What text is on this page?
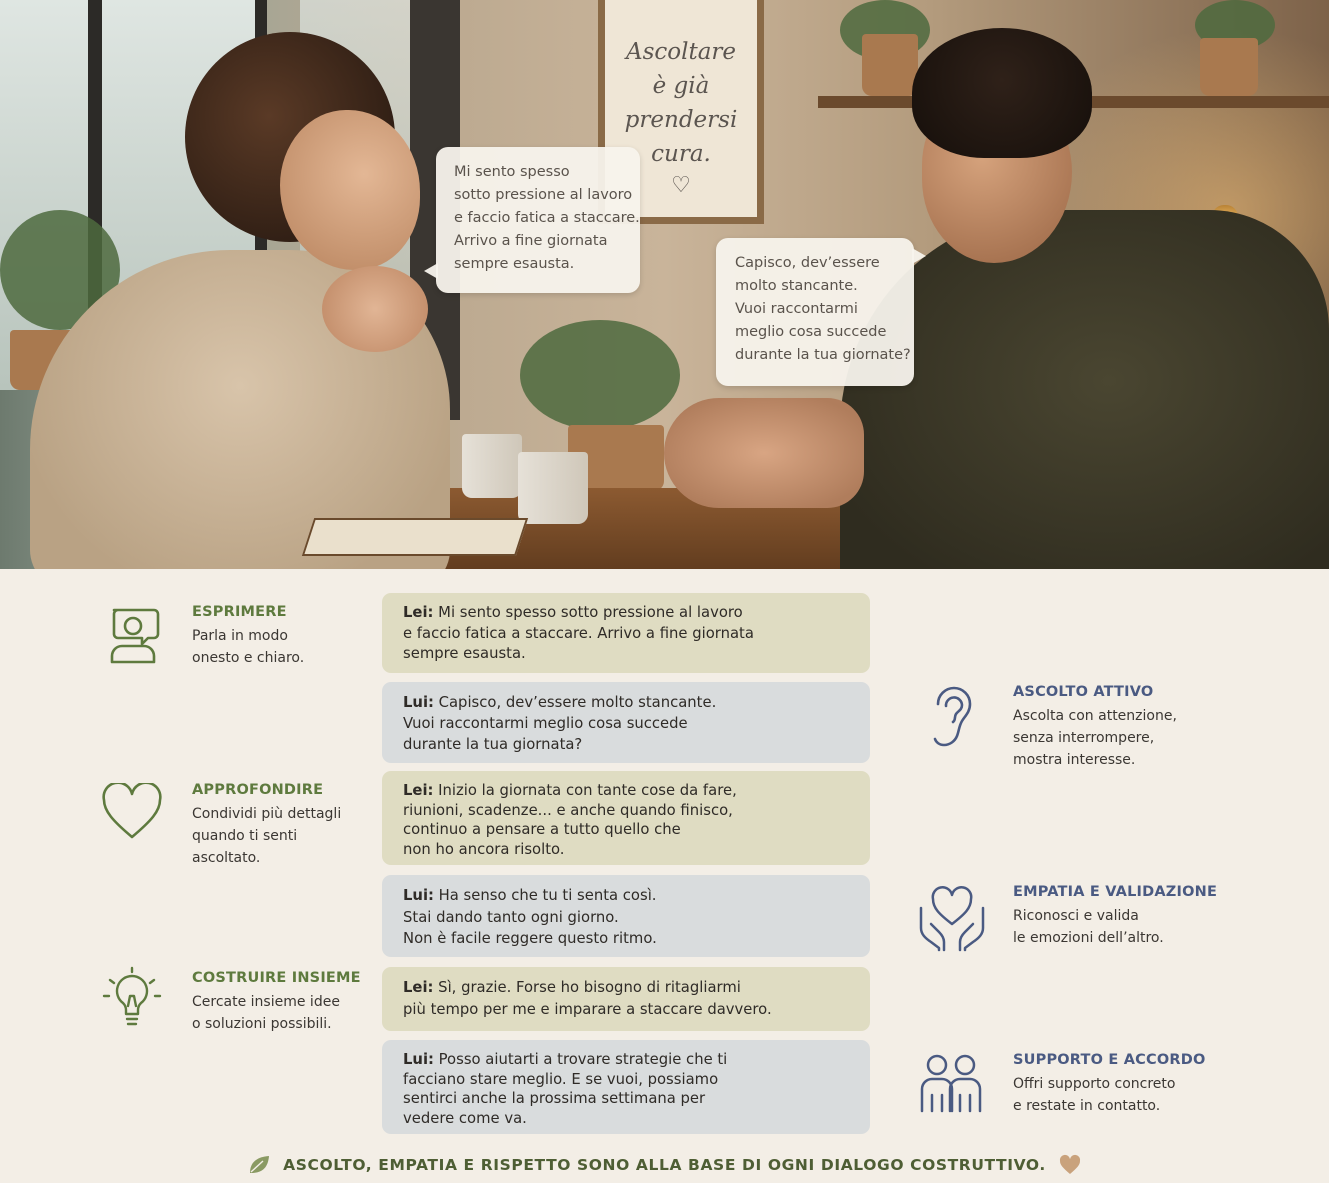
Ascoltare
è già
prendersi
cura.
♡
Mi sento spesso
sotto pressione al lavoro
e faccio fatica a staccare.
Arrivo a fine giornata
sempre esausta.	Capisco, dev’essere
molto stancante.
Vuoi raccontarmi
meglio cosa succede
durante la tua giornate?
ESPRIMERE
Parla in modo
onesto e chiaro.
APPROFONDIRE
Condividi più dettagli
quando ti senti
ascoltato.
COSTRUIRE INSIEME
Cercate insieme idee
o soluzioni possibili.
Lei: Mi sento spesso sotto pressione al lavoro
e faccio fatica a staccare. Arrivo a fine giornata
sempre esausta.
Lui: Capisco, dev’essere molto stancante.
Vuoi raccontarmi meglio cosa succede
durante la tua giornata?
Lei: Inizio la giornata con tante cose da fare,
riunioni, scadenze... e anche quando finisco,
continuo a pensare a tutto quello che
non ho ancora risolto.
Lui: Ha senso che tu ti senta così.
Stai dando tanto ogni giorno.
Non è facile reggere questo ritmo.
Lei: Sì, grazie. Forse ho bisogno di ritagliarmi
più tempo per me e imparare a staccare davvero.
Lui: Posso aiutarti a trovare strategie che ti
facciano stare meglio. E se vuoi, possiamo
sentirci anche la prossima settimana per
vedere come va.
ASCOLTO ATTIVO
Ascolta con attenzione,
senza interrompere,
mostra interesse.
EMPATIA E VALIDAZIONE
Riconosci e valida
le emozioni dell’altro.
SUPPORTO E ACCORDO
Offri supporto concreto
e restate in contatto.
ASCOLTO, EMPATIA E RISPETTO SONO ALLA BASE DI OGNI DIALOGO COSTRUTTIVO.
